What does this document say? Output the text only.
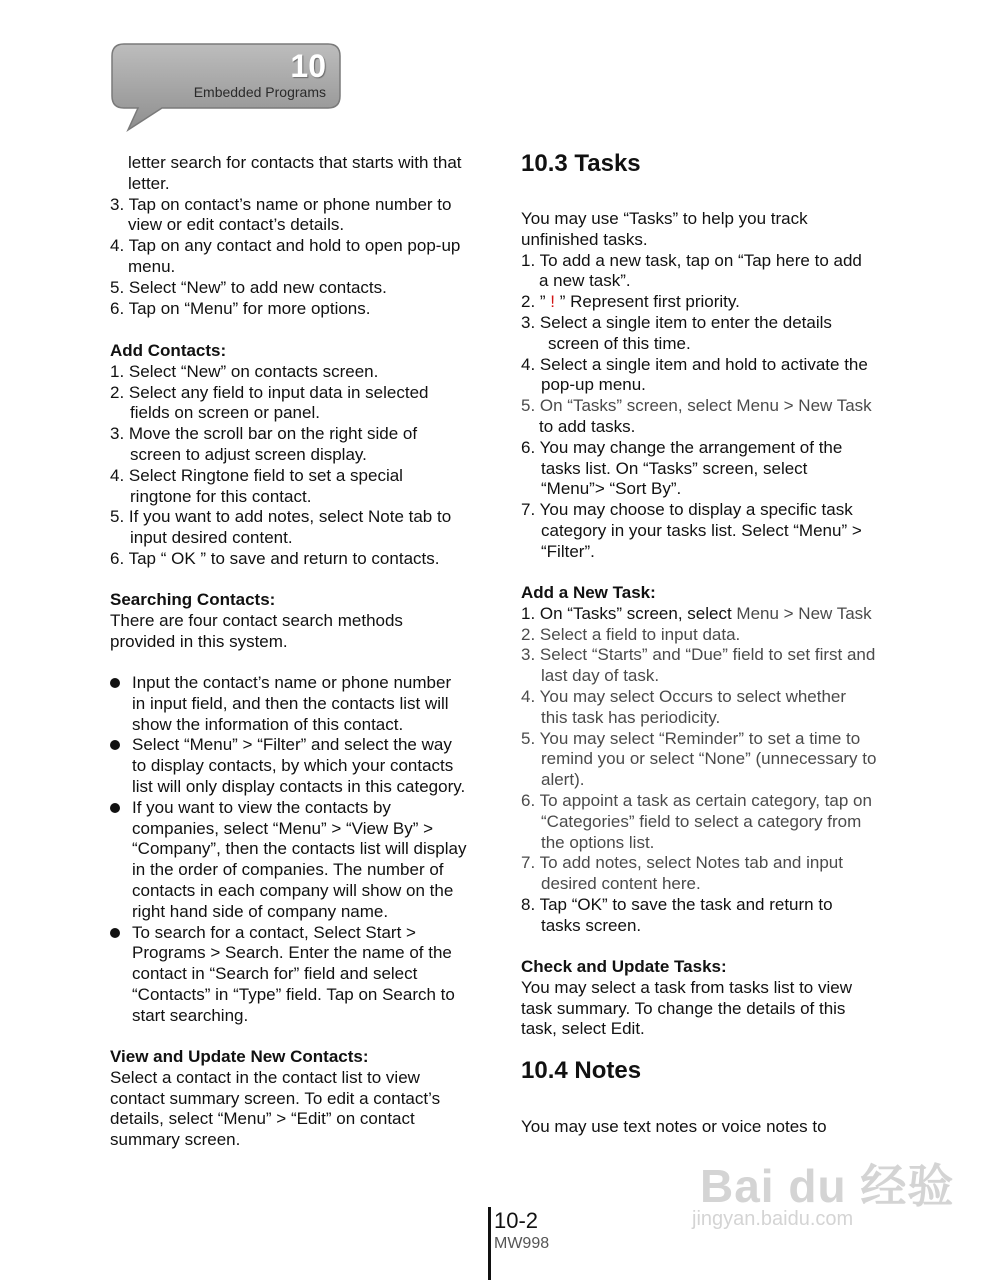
10
Embedded Programs
letter search for contacts that starts with that
letter.
3. Tap on contact’s name or phone number to
view or edit contact’s details.
4. Tap on any contact and hold to open pop-up
menu.
5. Select “New” to add new contacts.
6. Tap on “Menu” for more options.
Add Contacts:
1. Select “New” on contacts screen.
2. Select any field to input data in selected
fields on screen or panel.
3. Move the scroll bar on the right side of
screen to adjust screen display.
4. Select Ringtone field to set a special
ringtone for this contact.
5. If you want to add notes, select Note tab to
input desired content.
6. Tap “ OK ” to save and return to contacts.
Searching Contacts:
There are four contact search methods
provided in this system.
Input the contact’s name or phone number
in input field, and then the contacts list will
show the information of this contact.
Select “Menu” > “Filter” and select the way
to display contacts, by which your contacts
list will only display contacts in this category.
If you want to view the contacts by
companies, select “Menu” > “View By” >
“Company”, then the contacts list will display
in the order of companies. The number of
contacts in each company will show on the
right hand side of company name.
To search for a contact, Select Start >
Programs > Search. Enter the name of the
contact in “Search for” field and select
“Contacts” in “Type” field. Tap on Search to
start searching.
View and Update New Contacts:
Select a contact in the contact list to view
contact summary screen. To edit a contact’s
details, select “Menu” > “Edit” on contact
summary screen.
10.3 Tasks
You may use “Tasks” to help you track
unfinished tasks.
1. To add a new task, tap on “Tap here to add
a new task”.
2. ” ! ” Represent first priority.
3. Select a single item to enter the details
screen of this time.
4. Select a single item and hold to activate the
pop-up menu.
5. On “Tasks” screen, select Menu > New Task
to add tasks.
6. You may change the arrangement of the
tasks list. On “Tasks” screen, select
“Menu”> “Sort By”.
7. You may choose to display a specific task
category in your tasks list. Select “Menu” >
“Filter”.
Add a New Task:
1. On “Tasks” screen, select Menu > New Task
2. Select a field to input data.
3. Select “Starts” and “Due” field to set first and
last day of task.
4. You may select Occurs to select whether
this task has periodicity.
5. You may select “Reminder” to set a time to
remind you or select “None” (unnecessary to
alert).
6. To appoint a task as certain category, tap on
“Categories” field to select a category from
the options list.
7. To add notes, select Notes tab and input
desired content here.
8. Tap “OK” to save the task and return to
tasks screen.
Check and Update Tasks:
You may select a task from tasks list to view
task summary. To change the details of this
task, select Edit.
10.4 Notes
You may use text notes or voice notes to
10-2
MW998
Bai du 经验
jingyan.baidu.com
